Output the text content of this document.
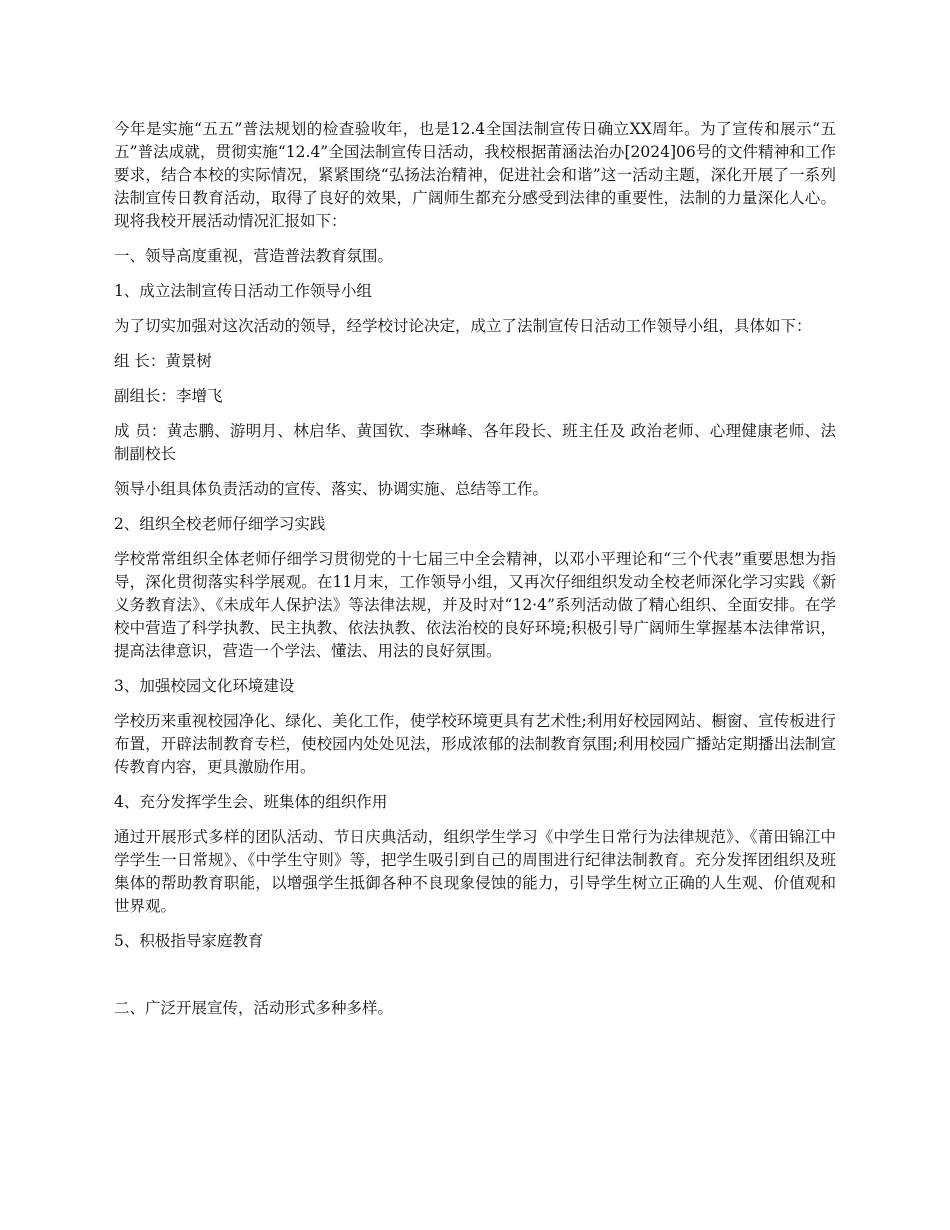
今年是实施“五五”普法规划的检查验收年，也是12.4全国法制宣传日确立XX周年。为了宣传和展示“五五”普法成就，贯彻实施“12.4”全国法制宣传日活动，我校根据莆涵法治办[2024]06号的文件精神和工作要求，结合本校的实际情况，紧紧围绕“弘扬法治精神，促进社会和谐”这一活动主题，深化开展了一系列法制宣传日教育活动，取得了良好的效果，广阔师生都充分感受到法律的重要性，法制的力量深化人心。现将我校开展活动情况汇报如下：

一、领导高度重视，营造普法教育氛围。

1、成立法制宣传日活动工作领导小组

为了切实加强对这次活动的领导，经学校讨论决定，成立了法制宣传日活动工作领导小组，具体如下：

组 长：黄景树

副组长：李增飞

成 员：黄志鹏、游明月、林启华、黄国钦、李琳峰、各年段长、班主任及 政治老师、心理健康老师、法制副校长

领导小组具体负责活动的宣传、落实、协调实施、总结等工作。

2、组织全校老师仔细学习实践

学校常常组织全体老师仔细学习贯彻党的十七届三中全会精神，以邓小平理论和“三个代表”重要思想为指导，深化贯彻落实科学展观。在11月末，工作领导小组，又再次仔细组织发动全校老师深化学习实践《新义务教育法》、《未成年人保护法》等法律法规，并及时对“12·4”系列活动做了精心组织、全面安排。在学校中营造了科学执教、民主执教、依法执教、依法治校的良好环境;积极引导广阔师生掌握基本法律常识，提高法律意识，营造一个学法、懂法、用法的良好氛围。

3、加强校园文化环境建设

学校历来重视校园净化、绿化、美化工作，使学校环境更具有艺术性;利用好校园网站、橱窗、宣传板进行布置，开辟法制教育专栏，使校园内处处见法，形成浓郁的法制教育氛围;利用校园广播站定期播出法制宣传教育内容，更具激励作用。

4、充分发挥学生会、班集体的组织作用

通过开展形式多样的团队活动、节日庆典活动，组织学生学习《中学生日常行为法律规范》、《莆田锦江中学学生一日常规》、《中学生守则》等，把学生吸引到自己的周围进行纪律法制教育。充分发挥团组织及班集体的帮助教育职能，以增强学生抵御各种不良现象侵蚀的能力，引导学生树立正确的人生观、价值观和世界观。

5、积极指导家庭教育

二、广泛开展宣传，活动形式多种多样。
